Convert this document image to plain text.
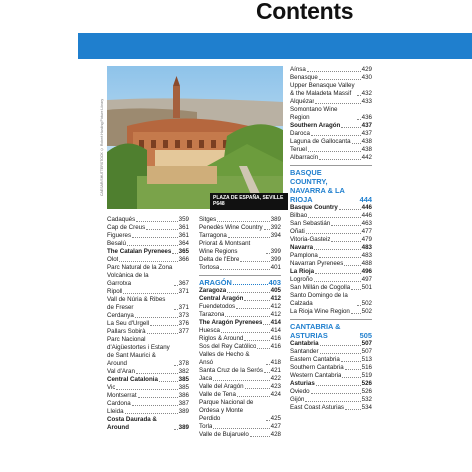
Contents
CAESAR/SHUTTERSTOCK © Robert Harding Picture Library
PLAZA DE ESPAÑA, SEVILLE P648
Cadaqués	359
Cap de Creus	361
Figueres	361
Besalú	364
The Catalan Pyrenees 365
Olot	366
Parc Natural de la Zona Volcànica de la Garrotxa	367
Ripoll	371
Vall de Núria & Ribes de Freser	371
Cerdanya	373
La Seu d'Urgell	376
Pallars Sobirà	377
Parc Nacional d'Aigüestortes i Estany de Sant Maurici & Around	378
Val d'Aran	382
Central Catalonia	385
Vic	385
Montserrat	386
Cardona	387
Lleida	389
Costa Daurada & Around	389
Sitges	389
Penedès Wine Country 392
Tarragona	394
Priorat & Montsant Wine Regions	399
Delta de l'Ebre	399
Tortosa	401
ARAGÓN	403
Zaragoza	405
Central Aragón	412
Fuendetodos	412
Tarazona	412
The Aragón Pyrenees 414
Huesca	414
Riglos & Around	416
Sos del Rey Católico 416
Valles de Hecho & Ansó	418
Santa Cruz de la Serós 421
Jaca	422
Valle del Aragón	423
Valle de Tena	424
Parque Nacional de Ordesa y Monte Perdido	425
Torla	427
Valle de Bujaruelo	428
Aínsa	429
Benasque	430
Upper Benasque Valley & the Maladeta Massif	432
Alquézar	433
Somontano Wine Region	436
Southern Aragón	437
Daroca	437
Laguna de Gallocanta 438
Teruel	438
Albarracín	442
BASQUE COUNTRY, NAVARRA & LA RIOJA	444
Basque Country	446
Bilbao	446
San Sebastián	463
Oñati	477
Vitoria-Gasteiz	479
Navarra	483
Pamplona	483
Navarran Pyrenees	488
La Rioja	496
Logroño	497
San Millán de Cogolla 501
Santo Domingo de la Calzada	502
La Rioja Wine Region 502
CANTABRIA & ASTURIAS	505
Cantabria	507
Santander	507
Eastern Cantabria	513
Southern Cantabria	516
Western Cantabria	519
Asturias	526
Oviedo	526
Gijón	532
East Coast Asturias	534
